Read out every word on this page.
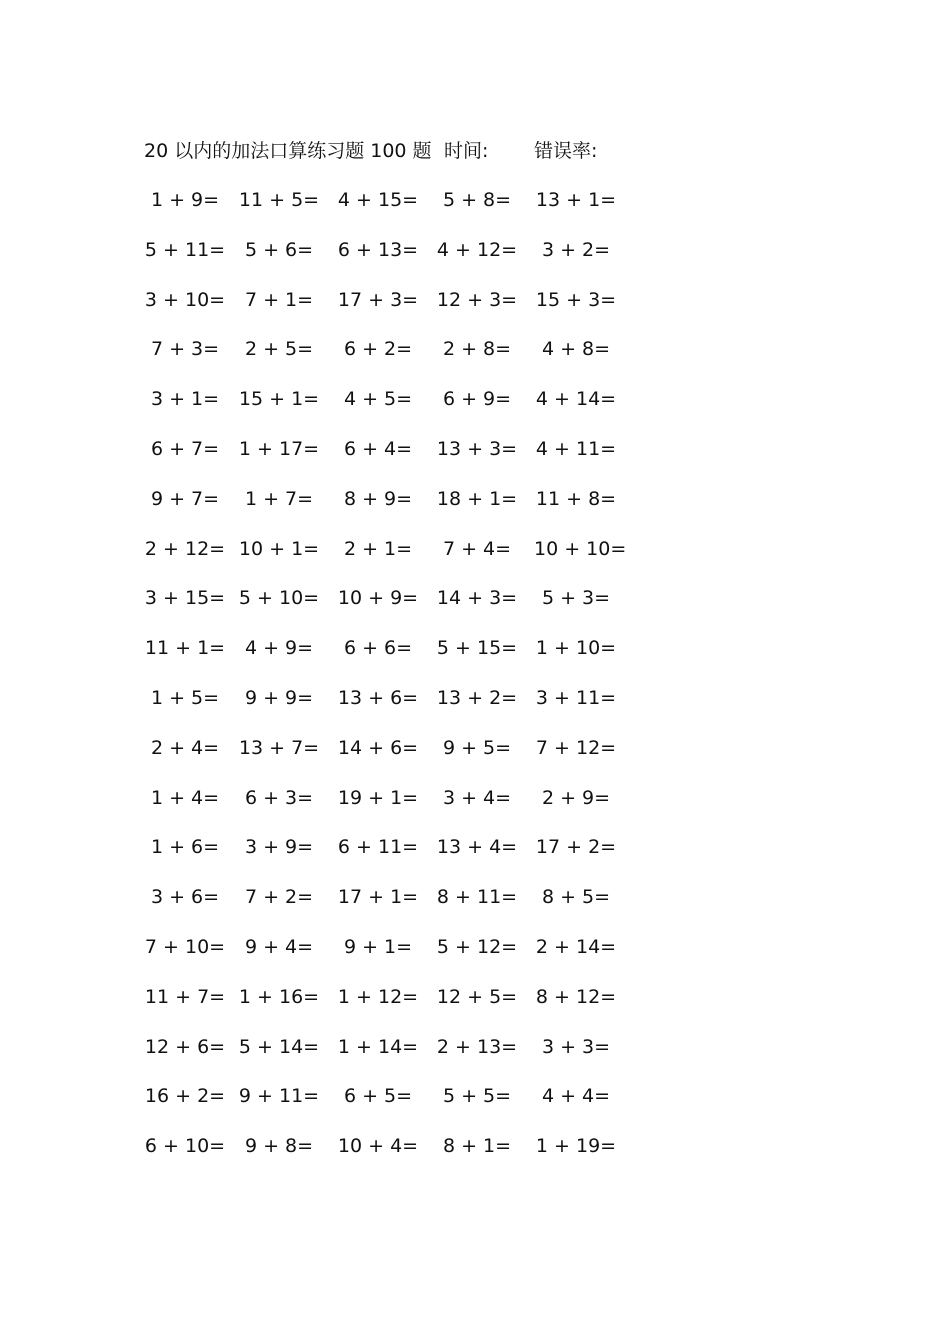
20 以内的加法口算练习题 100 题 时间: 错误率:
1 + 9=	11 + 5= 4 + 15=	5 + 8=	13 + 1=
5 + 11=	5 + 6=	6 + 13= 4 + 12=	3 + 2=
3 + 10=	7 + 1=	17 + 3= 12 + 3= 15 + 3=
7 + 3=	2 + 5=	6 + 2=	2 + 8=	4 + 8=
3 + 1=	15 + 1=	4 + 5=	6 + 9=	4 + 14=
6 + 7=	1 + 17=	6 + 4=	13 + 3= 4 + 11=
9 + 7=	1 + 7=	8 + 9=	18 + 1= 11 + 8=
2 + 12= 10 + 1=	2 + 1=	7 + 4=	10 + 10=
3 + 15= 5 + 10= 10 + 9= 14 + 3=	5 + 3=
11 + 1=	4 + 9=	6 + 6=	5 + 15= 1 + 10=
1 + 5=	9 + 9=	13 + 6= 13 + 2= 3 + 11=
2 + 4=	13 + 7= 14 + 6=	9 + 5=	7 + 12=
1 + 4=	6 + 3=	19 + 1=	3 + 4=	2 + 9=
1 + 6=	3 + 9=	6 + 11= 13 + 4= 17 + 2=
3 + 6=	7 + 2=	17 + 1= 8 + 11=	8 + 5=
7 + 10=	9 + 4=	9 + 1=	5 + 12= 2 + 14=
11 + 7= 1 + 16= 1 + 12= 12 + 5= 8 + 12=
12 + 6= 5 + 14= 1 + 14= 2 + 13=	3 + 3=
16 + 2= 9 + 11=	6 + 5=	5 + 5=	4 + 4=
6 + 10=	9 + 8=	10 + 4=	8 + 1=	1 + 19=
